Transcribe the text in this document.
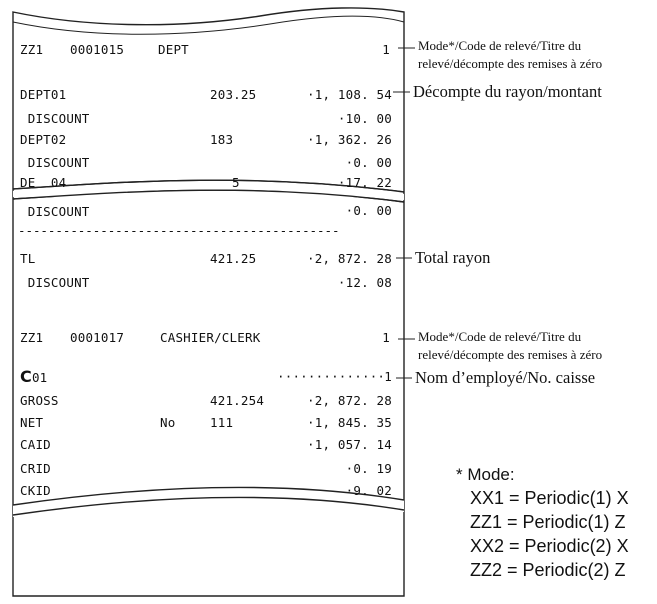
ZZ1 0001015	DEPT	1
DEPT01	203.25	·1, 108. 54
DISCOUNT	·10. 00
DEPT02	183	·1, 362. 26
DISCOUNT	·0. 00
DE  04	5	·17. 22
DISCOUNT	·0. 00
-------------------------------------------
TL	421.25	·2, 872. 28
DISCOUNT	·12. 08
ZZ1 0001017	CASHIER/CLERK	1
C01	·············· 1
GROSS	421.254	·2, 872. 28
NET	No	111	·1, 845. 35
CAID	·1, 057. 14
CRID	·0. 19
CKID	·9. 02
Mode*/Code de relevé/Titre du
relevé/décompte des remises à zéro
Décompte du rayon/montant
Total rayon
Mode*/Code de relevé/Titre du
relevé/décompte des remises à zéro
Nom d’employé/No. caisse
* Mode:
XX1 = Periodic(1) X
ZZ1 = Periodic(1) Z
XX2 = Periodic(2) X
ZZ2 = Periodic(2) Z
